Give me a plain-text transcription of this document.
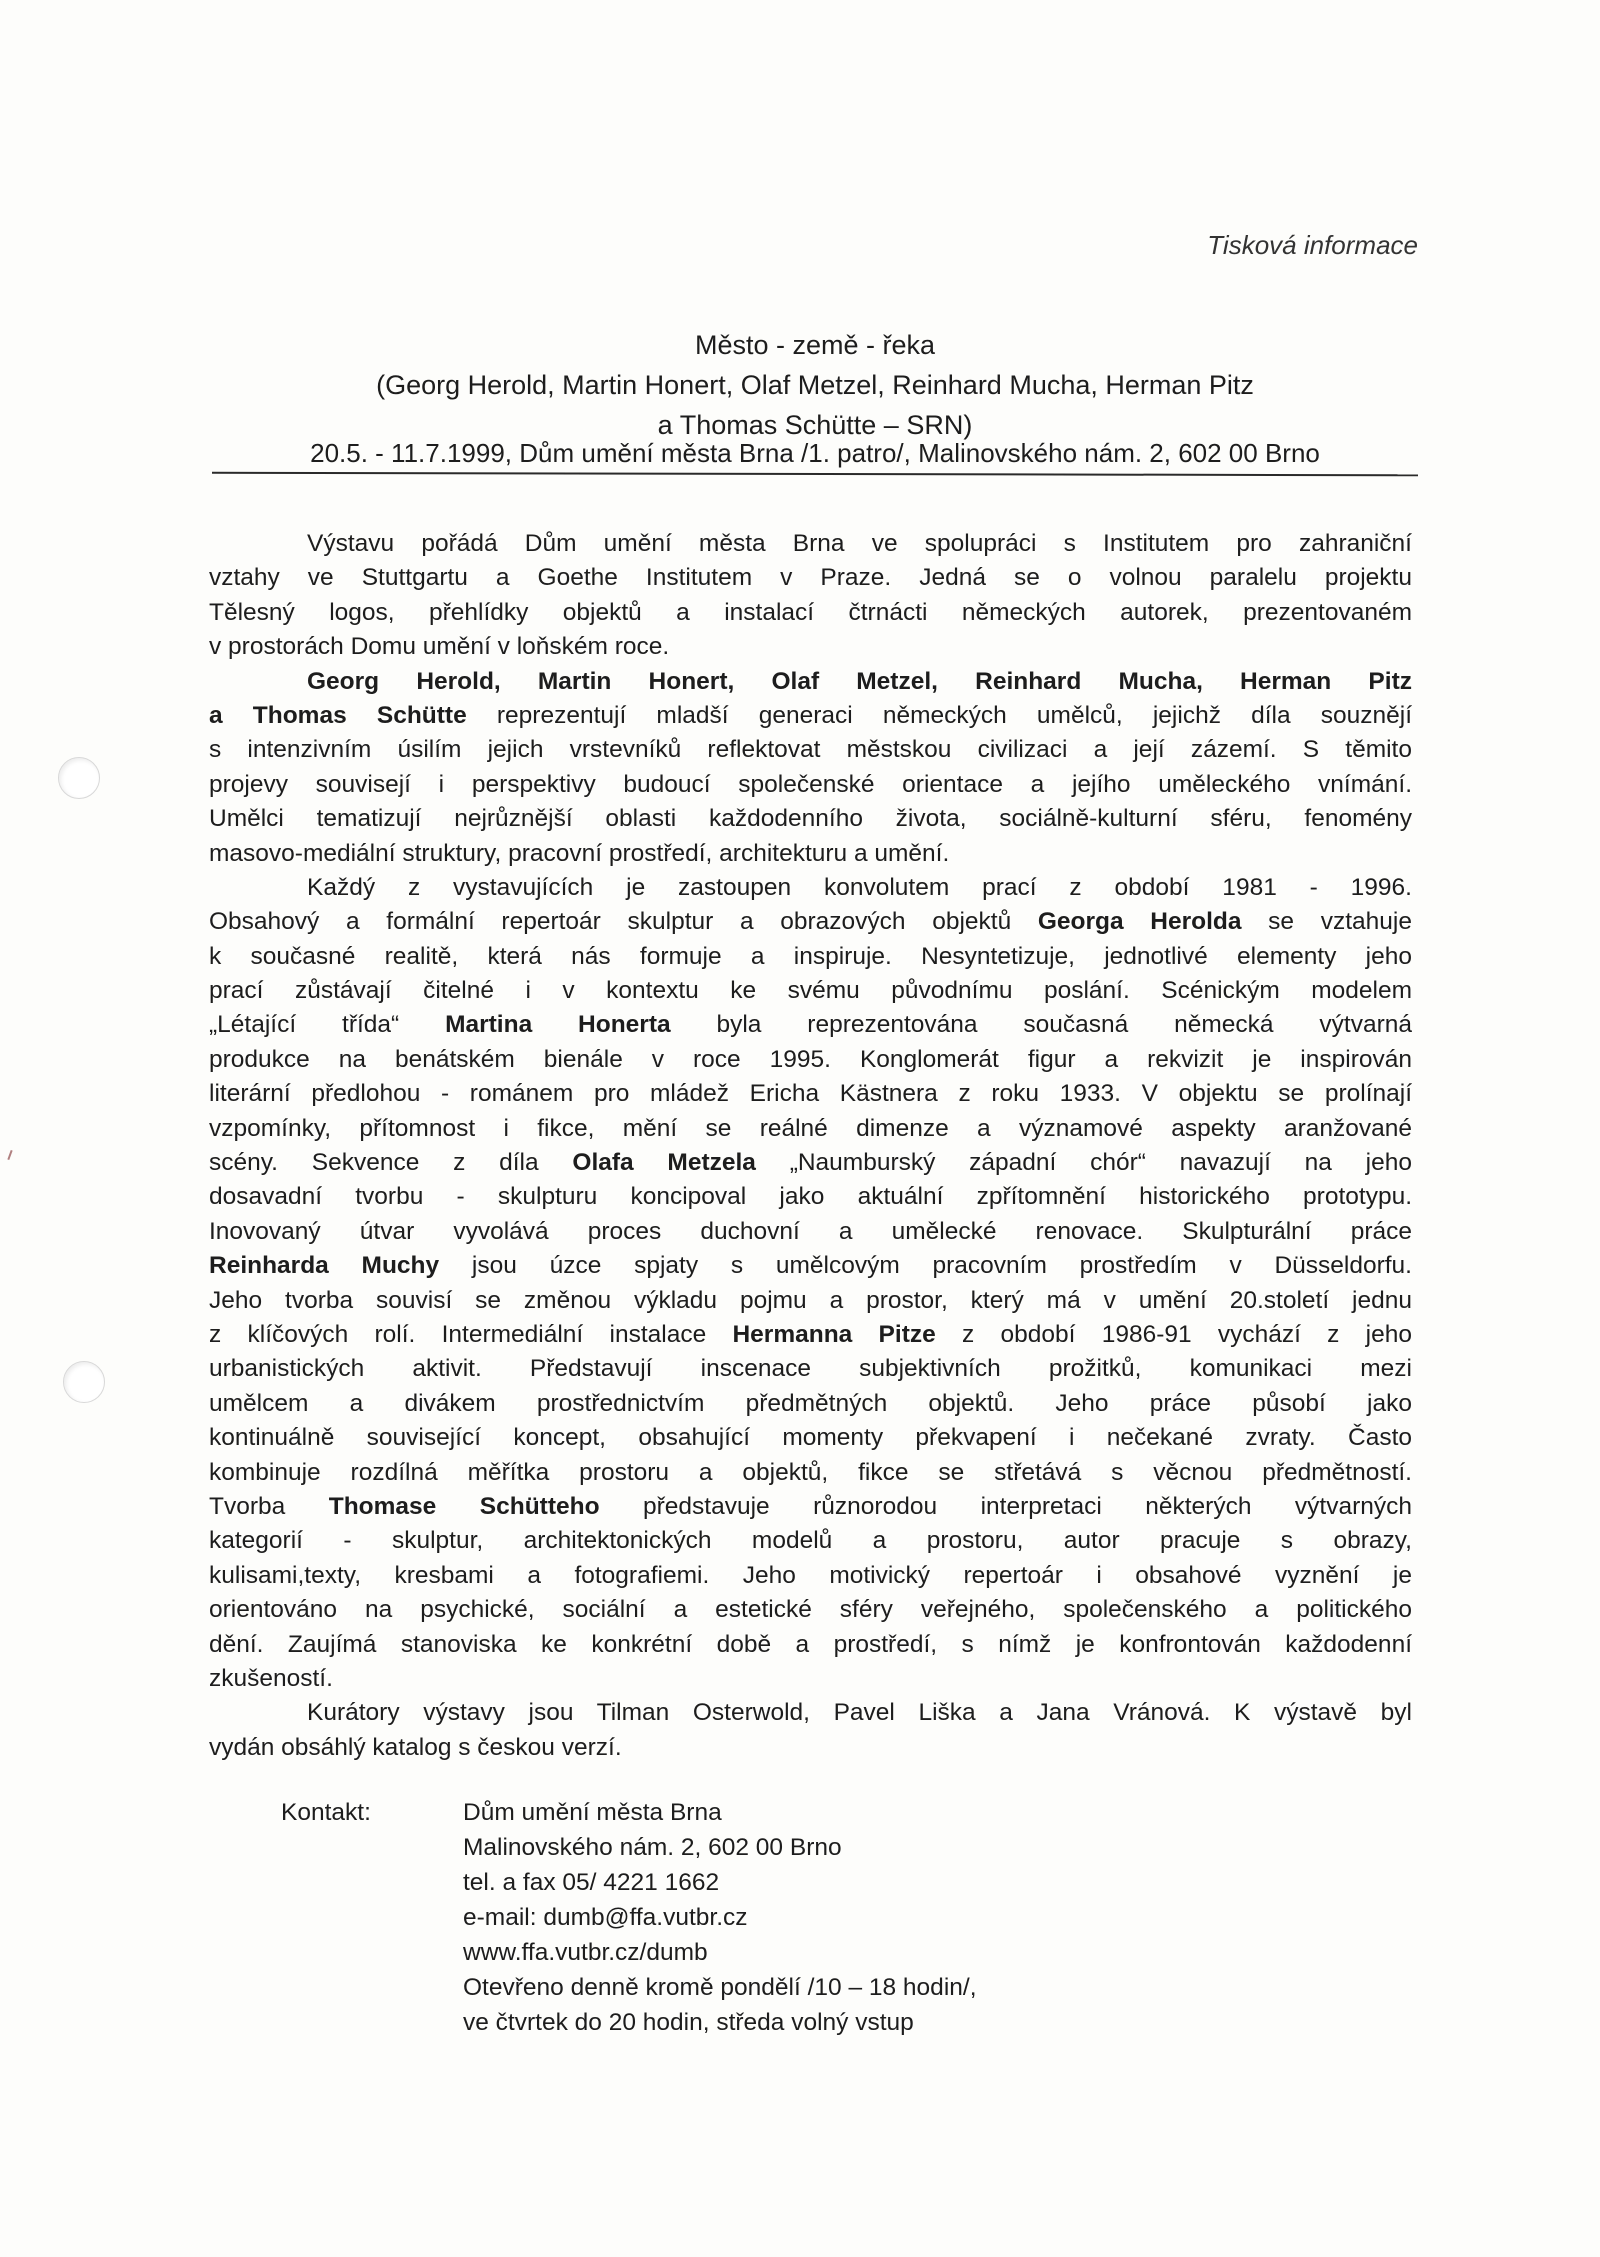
Tisková informace
Město - země - řeka
(Georg Herold, Martin Honert, Olaf Metzel, Reinhard Mucha, Herman Pitz
a Thomas Schütte – SRN)
20.5. - 11.7.1999, Dům umění města Brna /1. patro/, Malinovského nám. 2, 602 00 Brno
Výstavu pořádá Dům umění města Brna ve spolupráci s Institutem pro zahraniční
vztahy ve Stuttgartu a Goethe Institutem v Praze. Jedná se o volnou paralelu projektu
Tělesný logos, přehlídky objektů a instalací čtrnácti německých autorek, prezentovaném
v prostorách Domu umění v loňském roce.
Georg Herold, Martin Honert, Olaf Metzel, Reinhard Mucha, Herman Pitz
a Thomas Schütte reprezentují mladší generaci německých umělců, jejichž díla souznějí
s intenzivním úsilím jejich vrstevníků reflektovat městskou civilizaci a její zázemí. S těmito
projevy souvisejí i perspektivy budoucí společenské orientace a jejího uměleckého vnímání.
Umělci tematizují nejrůznější oblasti každodenního života, sociálně-kulturní sféru, fenomény
masovo-mediální struktury, pracovní prostředí, architekturu a umění.
Každý z vystavujících je zastoupen konvolutem prací z období 1981 - 1996.
Obsahový a formální repertoár skulptur a obrazových objektů Georga Herolda se vztahuje
k současné realitě, která nás formuje a inspiruje. Nesyntetizuje, jednotlivé elementy jeho
prací zůstávají čitelné i v kontextu ke svému původnímu poslání. Scénickým modelem
„Létající třída“ Martina Honerta byla reprezentována současná německá výtvarná
produkce na benátském bienále v roce 1995. Konglomerát figur a rekvizit je inspirován
literární předlohou - románem pro mládež Ericha Kästnera z roku 1933. V objektu se prolínají
vzpomínky, přítomnost i fikce, mění se reálné dimenze a významové aspekty aranžované
scény. Sekvence z díla Olafa Metzela „Naumburský západní chór“ navazují na jeho
dosavadní tvorbu - skulpturu koncipoval jako aktuální zpřítomnění historického prototypu.
Inovovaný útvar vyvolává proces duchovní a umělecké renovace. Skulpturální práce
Reinharda Muchy jsou úzce spjaty s umělcovým pracovním prostředím v Düsseldorfu.
Jeho tvorba souvisí se změnou výkladu pojmu a prostor, který má v umění 20.století jednu
z klíčových rolí. Intermediální instalace Hermanna Pitze z období 1986-91 vychází z jeho
urbanistických aktivit. Představují inscenace subjektivních prožitků, komunikaci mezi
umělcem a divákem prostřednictvím předmětných objektů. Jeho práce působí jako
kontinuálně související koncept, obsahující momenty překvapení i nečekané zvraty. Často
kombinuje rozdílná měřítka prostoru a objektů, fikce se střetává s věcnou předmětností.
Tvorba Thomase Schütteho představuje různorodou interpretaci některých výtvarných
kategorií - skulptur, architektonických modelů a prostoru, autor pracuje s obrazy,
kulisami,texty, kresbami a fotografiemi. Jeho motivický repertoár i obsahové vyznění je
orientováno na psychické, sociální a estetické sféry veřejného, společenského a politického
dění. Zaujímá stanoviska ke konkrétní době a prostředí, s nímž je konfrontován každodenní
zkušeností.
Kurátory výstavy jsou Tilman Osterwold, Pavel Liška a Jana Vránová. K výstavě byl
vydán obsáhlý katalog s českou verzí.
Kontakt:	Dům umění města Brna
Malinovského nám. 2, 602 00 Brno
tel. a fax 05/ 4221 1662
e-mail: dumb@ffa.vutbr.cz
www.ffa.vutbr.cz/dumb
Otevřeno denně kromě pondělí /10 – 18 hodin/,
ve čtvrtek do 20 hodin, středa volný vstup
